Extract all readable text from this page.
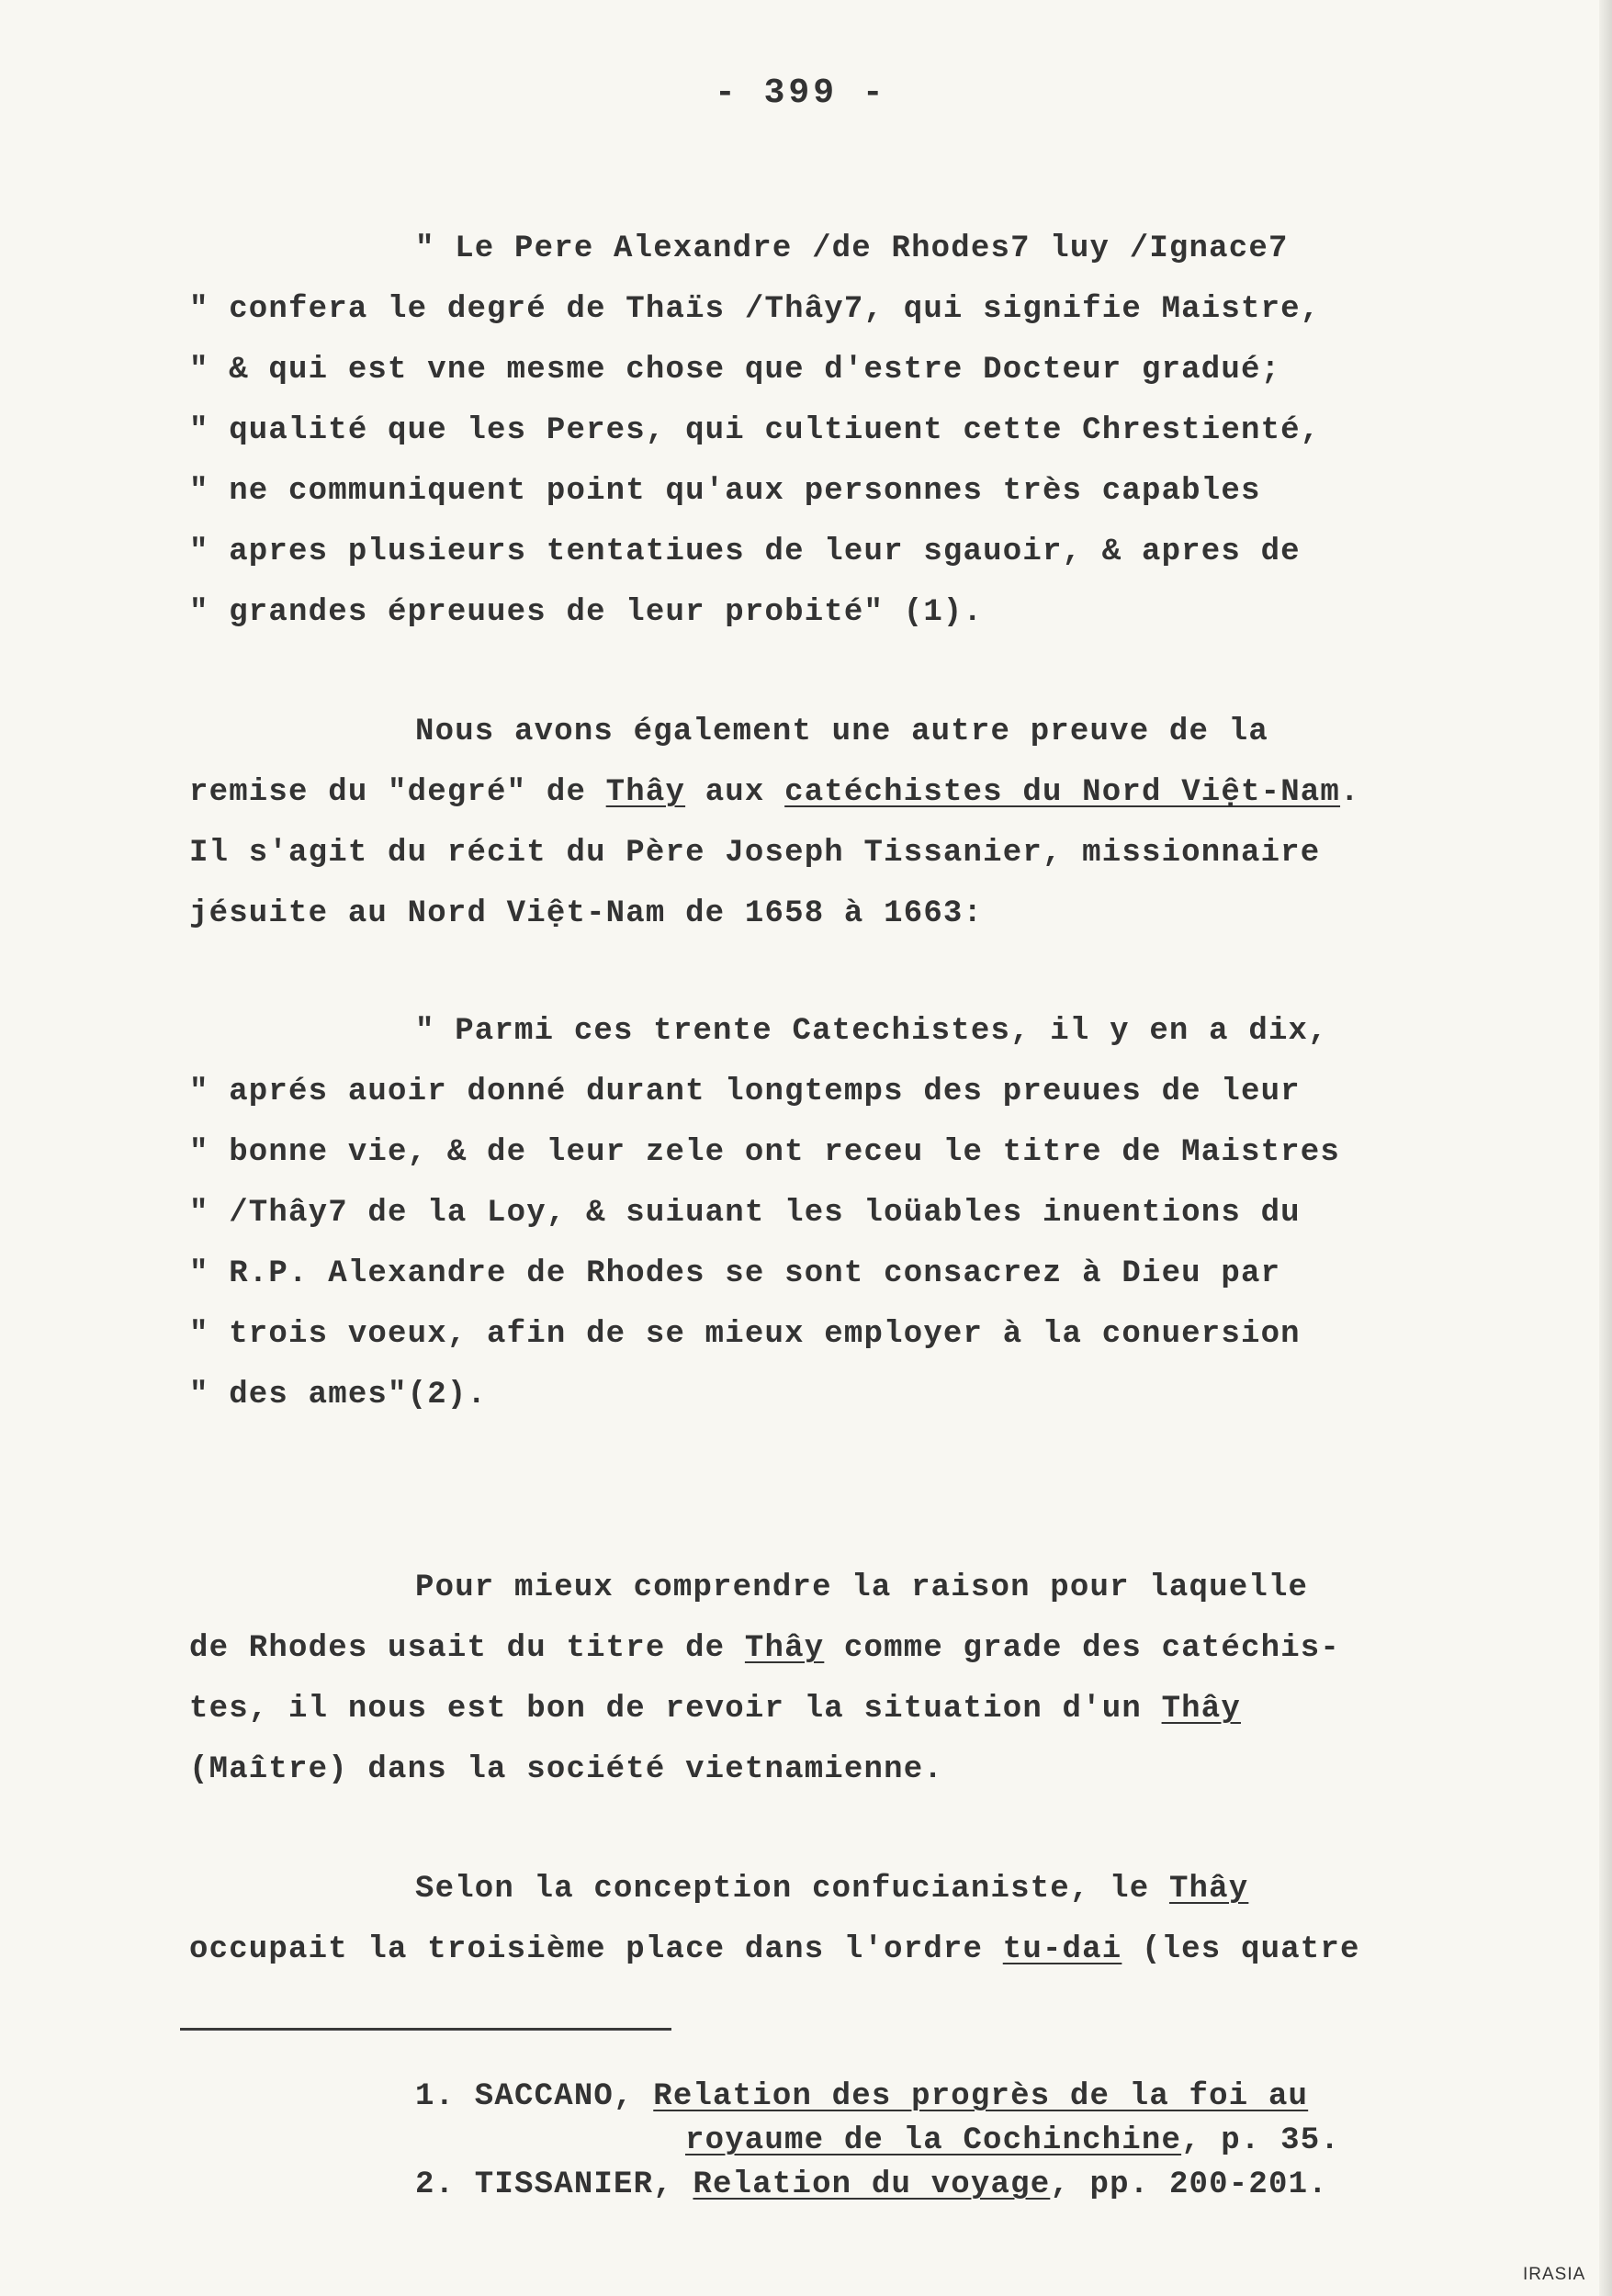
- 399 -
" Le Pere Alexandre /de Rhodes7 luy /Ignace7
" confera le degré de Thaïs /Thây7, qui signifie Maistre,
" & qui est vne mesme chose que d'estre Docteur gradué;
" qualité que les Peres, qui cultiuent cette Chrestienté,
" ne communiquent point qu'aux personnes très capables
" apres plusieurs tentatiues de leur sgauoir, & apres de
" grandes épreuues de leur probité" (1).
Nous avons également une autre preuve de la
remise du "degré" de Thây aux catéchistes du Nord Việt-Nam.
Il s'agit du récit du Père Joseph Tissanier, missionnaire
jésuite au Nord Việt-Nam de 1658 à 1663:
" Parmi ces trente Catechistes, il y en a dix,
" aprés auoir donné durant longtemps des preuues de leur
" bonne vie, & de leur zele ont receu le titre de Maistres
" /Thây7 de la Loy, & suiuant les loüables inuentions du
" R.P. Alexandre de Rhodes se sont consacrez à Dieu par
" trois voeux, afin de se mieux employer à la conuersion
" des ames"(2).
Pour mieux comprendre la raison pour laquelle
de Rhodes usait du titre de Thây comme grade des catéchis-
tes, il nous est bon de revoir la situation d'un Thây
(Maître) dans la société vietnamienne.
Selon la conception confucianiste, le Thây
occupait la troisième place dans l'ordre tu-dai (les quatre
1. SACCANO, Relation des progrès de la foi au
royaume de la Cochinchine, p. 35.
2. TISSANIER, Relation du voyage, pp. 200-201.
IRASIA
